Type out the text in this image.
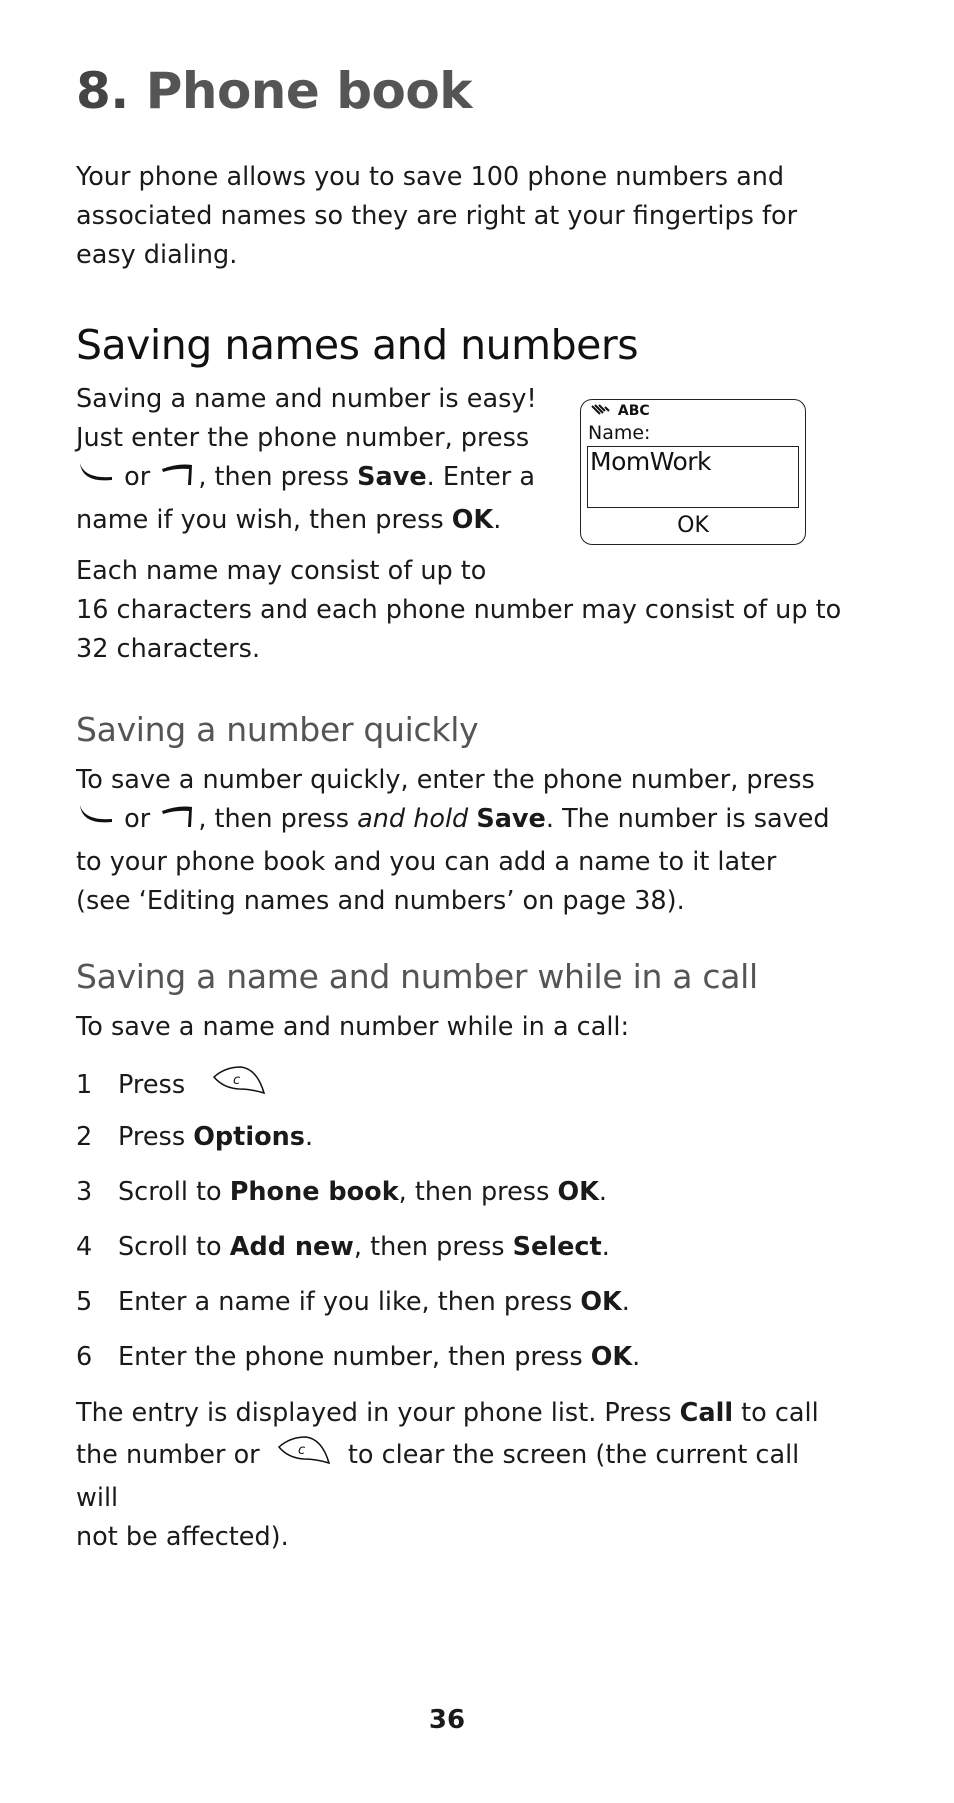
8. Phone book

Your phone allows you to save 100 phone numbers and

associated names so they are right at your fingertips for

easy dialing.

Saving names and numbers

Saving a name and number is easy!

Just enter the phone number, press

or , then press Save. Enter a

name if you wish, then press OK.

ABC
Name:
MomWork
OK

Each name may consist of up to

16 characters and each phone number may consist of up to

32 characters.

Saving a number quickly

To save a number quickly, enter the phone number, press

or , then press and hold Save. The number is saved

to your phone book and you can add a name to it later

(see ‘Editing names and numbers’ on page 38).

Saving a name and number while in a call

To save a name and number while in a call:

1 Press	c
2 Press Options.
3 Scroll to Phone book, then press OK.
4 Scroll to Add new, then press Select.
5 Enter a name if you like, then press OK.
6 Enter the phone number, then press OK.

The entry is displayed in your phone list. Press Call to call

the number or	c to clear the screen (the current call will

not be affected).

36
